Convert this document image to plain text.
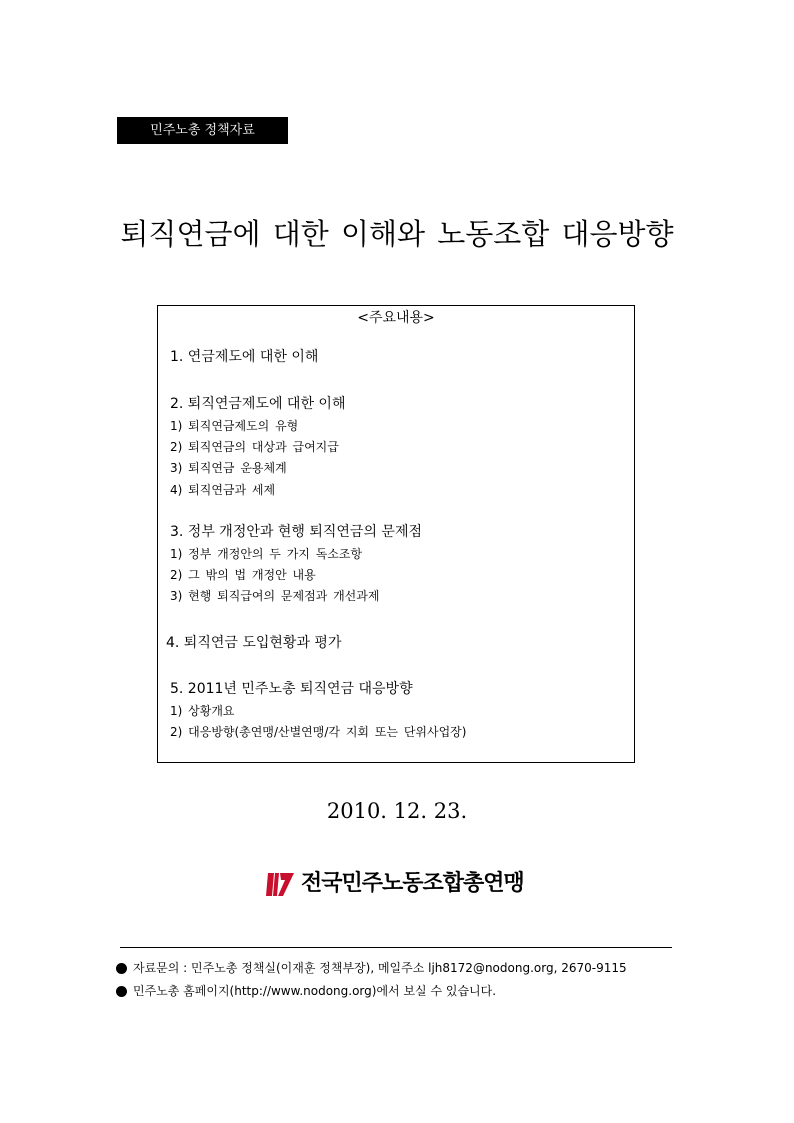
민주노총 정책자료
퇴직연금에 대한 이해와 노동조합 대응방향
<주요내용>
1. 연금제도에 대한 이해
2. 퇴직연금제도에 대한 이해
1) 퇴직연금제도의 유형
2) 퇴직연금의 대상과 급여지급
3) 퇴직연금 운용체계
4) 퇴직연금과 세제
3. 정부 개정안과 현행 퇴직연금의 문제점
1) 정부 개정안의 두 가지 독소조항
2) 그 밖의 법 개정안 내용
3) 현행 퇴직급여의 문제점과 개선과제
4. 퇴직연금 도입현황과 평가
5. 2011년 민주노총 퇴직연금 대응방향
1) 상황개요
2) 대응방향(총연맹/산별연맹/각 지회 또는 단위사업장)
2010. 12. 23.
전국민주노동조합총연맹
자료문의 : 민주노총 정책실(이재훈 정책부장), 메일주소 ljh8172@nodong.org, 2670-9115
민주노총 홈페이지(http://www.nodong.org)에서 보실 수 있습니다.
